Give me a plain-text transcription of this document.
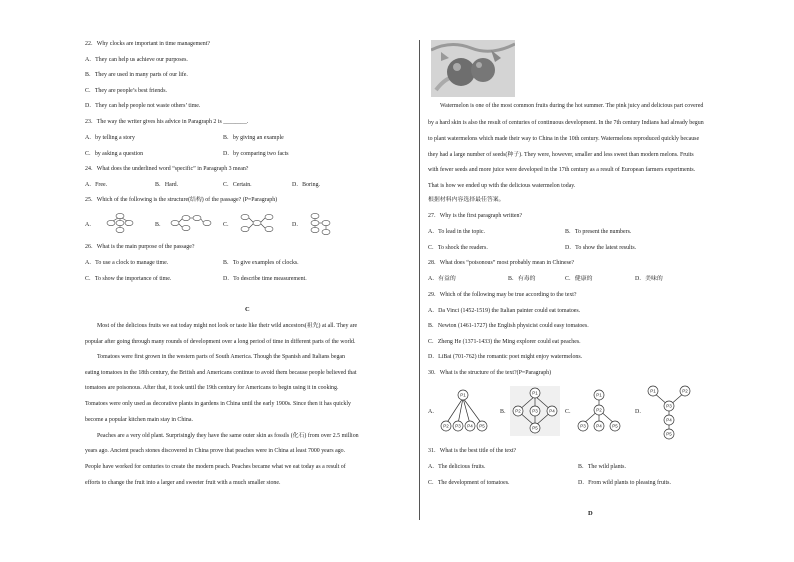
22．Why clocks are important in time management?
A．They can help us achieve our purposes.
B．They are used in many parts of our life.
C．They are people’s best friends.
D．They can help people not waste others’ time.
23．The way the writer gives his advice in Paragraph 2 is ________.
A．by telling a story	B．by giving an example
C．by asking a question	D．by comparing two facts
24．What does the underlined word “specific” in Paragraph 3 mean?
A．Free.	B．Hard.	C．Certain.	D．Boring.
25．Which of the following is the structure(结构) of the passage? (P=Paragraph)
A．	B．	C．	D．
26．What is the main purpose of the passage?
A．To use a clock to manage time.	B．To give examples of clocks.
C．To show the importance of time.	D．To describe time measurement.
C
Most of the delicious fruits we eat today might not look or taste like their wild ancestors(祖先) at all. They are
popular after going through many rounds of development over a long period of time in different parts of the world.
Tomatoes were first grown in the western parts of South America. Though the Spanish and Italians began
eating tomatoes in the 18th century, the British and Americans continue to avoid them because people believed that
tomatoes are poisonous. After that, it took until the 19th century for Americans to begin using it in cooking.
Tomatoes were only used as decorative plants in gardens in China until the early 1900s. Since then it has quickly
become a popular kitchen main stay in China.
Peaches are a very old plant. Surprisingly they have the same outer skin as fossils (化石) from over 2.5 million
years ago. Ancient peach stones discovered in China prove that peaches were in China at least 7000 years ago.
People have worked for centuries to create the modern peach. Peaches became what we eat today as a result of
efforts to change the fruit into a larger and sweeter fruit with a much smaller stone.
Watermelon is one of the most common fruits during the hot summer. The pink juicy and delicious part covered
by a hard skin is also the result of centuries of continuous development. In the 7th century Indians had already begun
to plant watermelons which made their way to China in the 10th century. Watermelons reproduced quickly because
they had a large number of seeds(种子). They were, however, smaller and less sweet than modern melons. Fruits
with fewer seeds and more juice were developed in the 17th century as a result of European farmers experiments.
That is how we ended up with the delicious watermelon today.
根据材料内容选择最佳答案。
27．Why is the first paragraph written?
A．To lead in the topic.	B．To present the numbers.
C．To shock the readers.	D．To show the latest results.
28．What does “poisonous” most probably mean in Chinese?
A．有益的	B．有毒的	C．健康的	D．美味的
29．Which of the following may be true according to the text?
A．Da Vinci (1452-1519) the Italian painter could eat tomatoes.
B．Newton (1461-1727) the English physicist could easy tomatoes.
C．Zheng He (1371-1433) the Ming explorer could eat peaches.
D．LiBai (701-762) the romantic poet might enjoy watermelons.
30．What is the structure of the text?(P=Paragraph)
A．
P1
P2 P3 P4 P5
B．
P1
P2	P3	P4
P5
C．
P1
P2
P3 P4 P5
D．
P1	P2
P3
P4
P5
31．What is the best title of the text?
A．The delicious fruits.	B．The wild plants.
C．The development of tomatoes.	D．From wild plants to pleasing fruits.
D
